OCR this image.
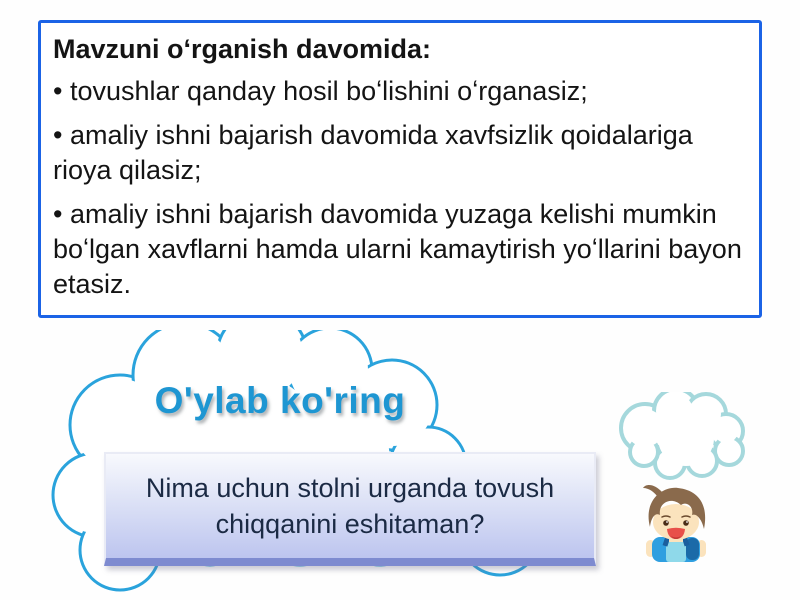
Mavzuni oʻrganish davomida:

• tovushlar qanday hosil boʻlishini oʻrganasiz;

• amaliy ishni bajarish davomida xavfsizlik qoidalariga rioya qilasiz;

• amaliy ishni bajarish davomida yuzaga kelishi mumkin boʻlgan xavflarni hamda ularni kamaytirish yoʻllarini bayon etasiz.

O'ylab ko'ring
Nima uchun stolni urganda tovush chiqqanini eshitaman?
